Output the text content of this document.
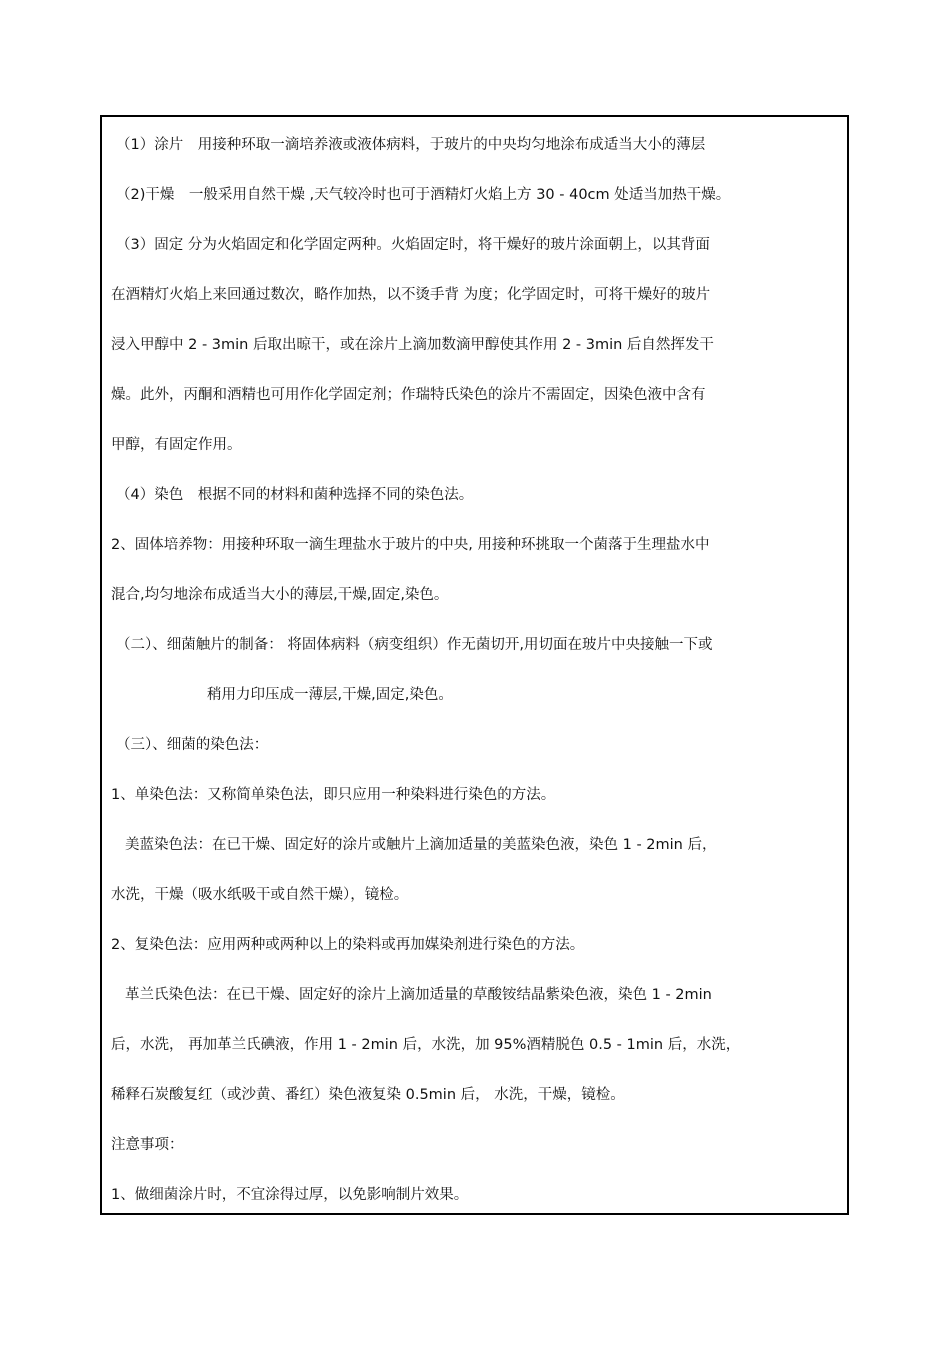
（1）涂片　用接种环取一滴培养液或液体病料，于玻片的中央均匀地涂布成适当大小的薄层
（2)干燥　一般采用自然干燥 ,天气较冷时也可于酒精灯火焰上方 30 - 40cm 处适当加热干燥。
（3）固定 分为火焰固定和化学固定两种。火焰固定时，将干燥好的玻片涂面朝上，以其背面
在酒精灯火焰上来回通过数次，略作加热，以不烫手背 为度；化学固定时，可将干燥好的玻片
浸入甲醇中 2 - 3min 后取出晾干，或在涂片上滴加数滴甲醇使其作用 2 - 3min 后自然挥发干
燥。此外，丙酮和酒精也可用作化学固定剂；作瑞特氏染色的涂片不需固定，因染色液中含有
甲醇，有固定作用。
（4）染色　根据不同的材料和菌种选择不同的染色法。
2、固体培养物：用接种环取一滴生理盐水于玻片的中央, 用接种环挑取一个菌落于生理盐水中
混合,均匀地涂布成适当大小的薄层,干燥,固定,染色。
（二）、细菌触片的制备： 将固体病料（病变组织）作无菌切开,用切面在玻片中央接触一下或
稍用力印压成一薄层,干燥,固定,染色。
（三）、细菌的染色法：
1、单染色法：又称简单染色法，即只应用一种染料进行染色的方法。
美蓝染色法：在已干燥、固定好的涂片或触片上滴加适量的美蓝染色液，染色 1 - 2min 后，
水洗，干燥（吸水纸吸干或自然干燥），镜检。
2、复染色法：应用两种或两种以上的染料或再加媒染剂进行染色的方法。
革兰氏染色法：在已干燥、固定好的涂片上滴加适量的草酸铵结晶紫染色液，染色 1 - 2min
后，水洗， 再加革兰氏碘液，作用 1 - 2min 后，水洗，加 95%酒精脱色 0.5 - 1min 后，水洗，
稀释石炭酸复红（或沙黄、番红）染色液复染 0.5min 后， 水洗，干燥，镜检。
注意事项：
1、做细菌涂片时，不宜涂得过厚，以免影响制片效果。
